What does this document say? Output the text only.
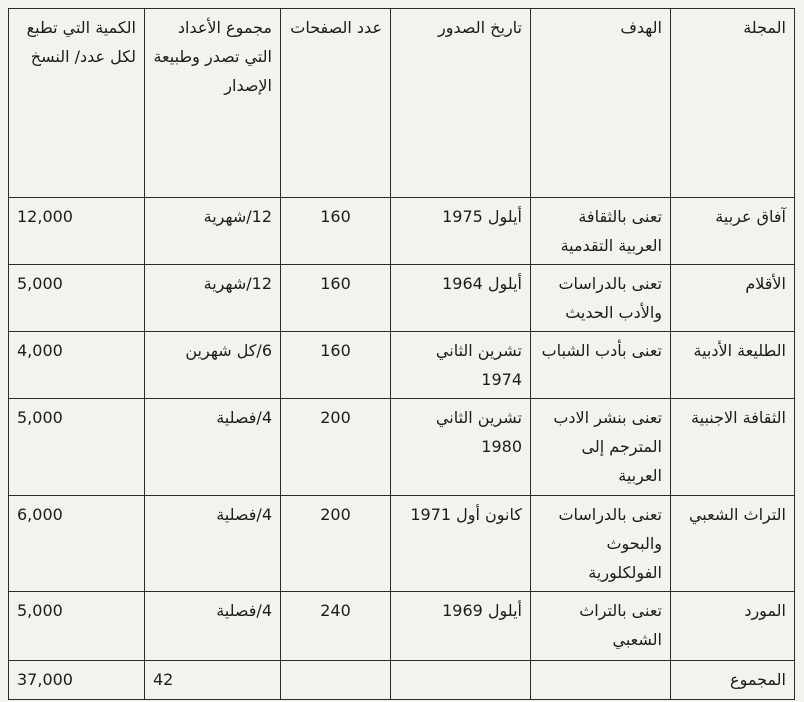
المجلة	الهدف	تاريخ الصدور	عدد الصفحات	مجموع الأعداد التي تصدر وطبيعة الإصدار	الكمية التي تطبع لكل عدد/ النسخ
آفاق عربية	تعنى بالثقافة العربية التقدمية	أيلول 1975	160	12/شهرية	12,000
الأقلام	تعنى بالدراسات والأدب الحديث	أيلول 1964	160	12/شهرية	5,000
الطليعة الأدبية	تعنى بأدب الشباب	تشرين الثاني 1974	160	6/كل شهرين	4,000
الثقافة الاجنبية	تعنى بنشر الادب المترجم إلى العربية	تشرين الثاني 1980	200	4/فصلية	5,000
التراث الشعبي	تعنى بالدراسات والبحوث الفولكلورية	كانون أول 1971	200	4/فصلية	6,000
المورد	تعنى بالتراث الشعبي	أيلول 1969	240	4/فصلية	5,000
المجموع				42	37,000
